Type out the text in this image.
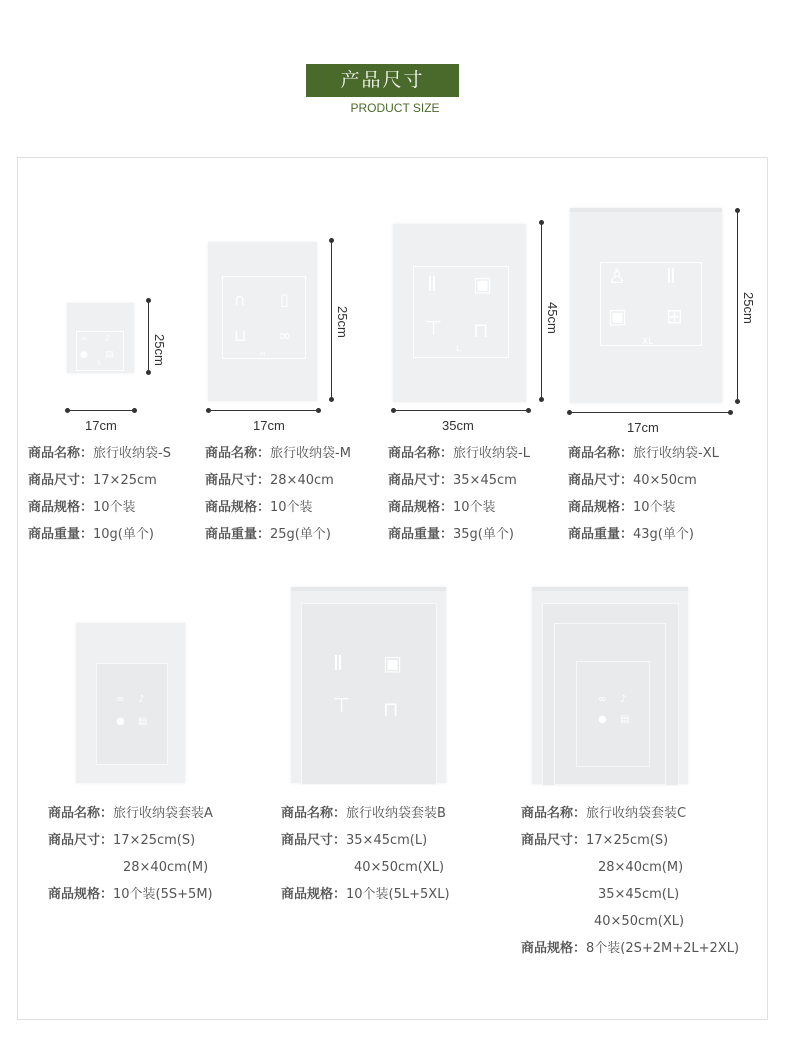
产品尺寸
PRODUCT SIZE
∞ ♪
● ▤
S	25cm
17cm
∩ ▯
⊔ ∞
M
25cm
17cm
Ⅱ ▣
⊤ ⊓
L
45cm
35cm
♙ Ⅱ
▣ ⊞
XL
25cm
17cm
商品名称：旅行收纳袋-S
商品尺寸：17×25cm
商品规格：10个装
商品重量：10g(单个)
商品名称：旅行收纳袋-M
商品尺寸：28×40cm
商品规格：10个装
商品重量：25g(单个)
商品名称：旅行收纳袋-L
商品尺寸：35×45cm
商品规格：10个装
商品重量：35g(单个)
商品名称：旅行收纳袋-XL
商品尺寸：40×50cm
商品规格：10个装
商品重量：43g(单个)
∞ ♪
● ▤
Ⅱ ▣
⊤ ⊓	∞ ♪
● ▤
商品名称：旅行收纳袋套装A
商品尺寸：17×25cm(S)
28×40cm(M)
商品规格：10个装(5S+5M)
商品名称：旅行收纳袋套装B
商品尺寸：35×45cm(L)
40×50cm(XL)
商品规格：10个装(5L+5XL)
商品名称：旅行收纳袋套装C
商品尺寸：17×25cm(S)
28×40cm(M)
35×45cm(L)
40×50cm(XL)
商品规格：8个装(2S+2M+2L+2XL)
